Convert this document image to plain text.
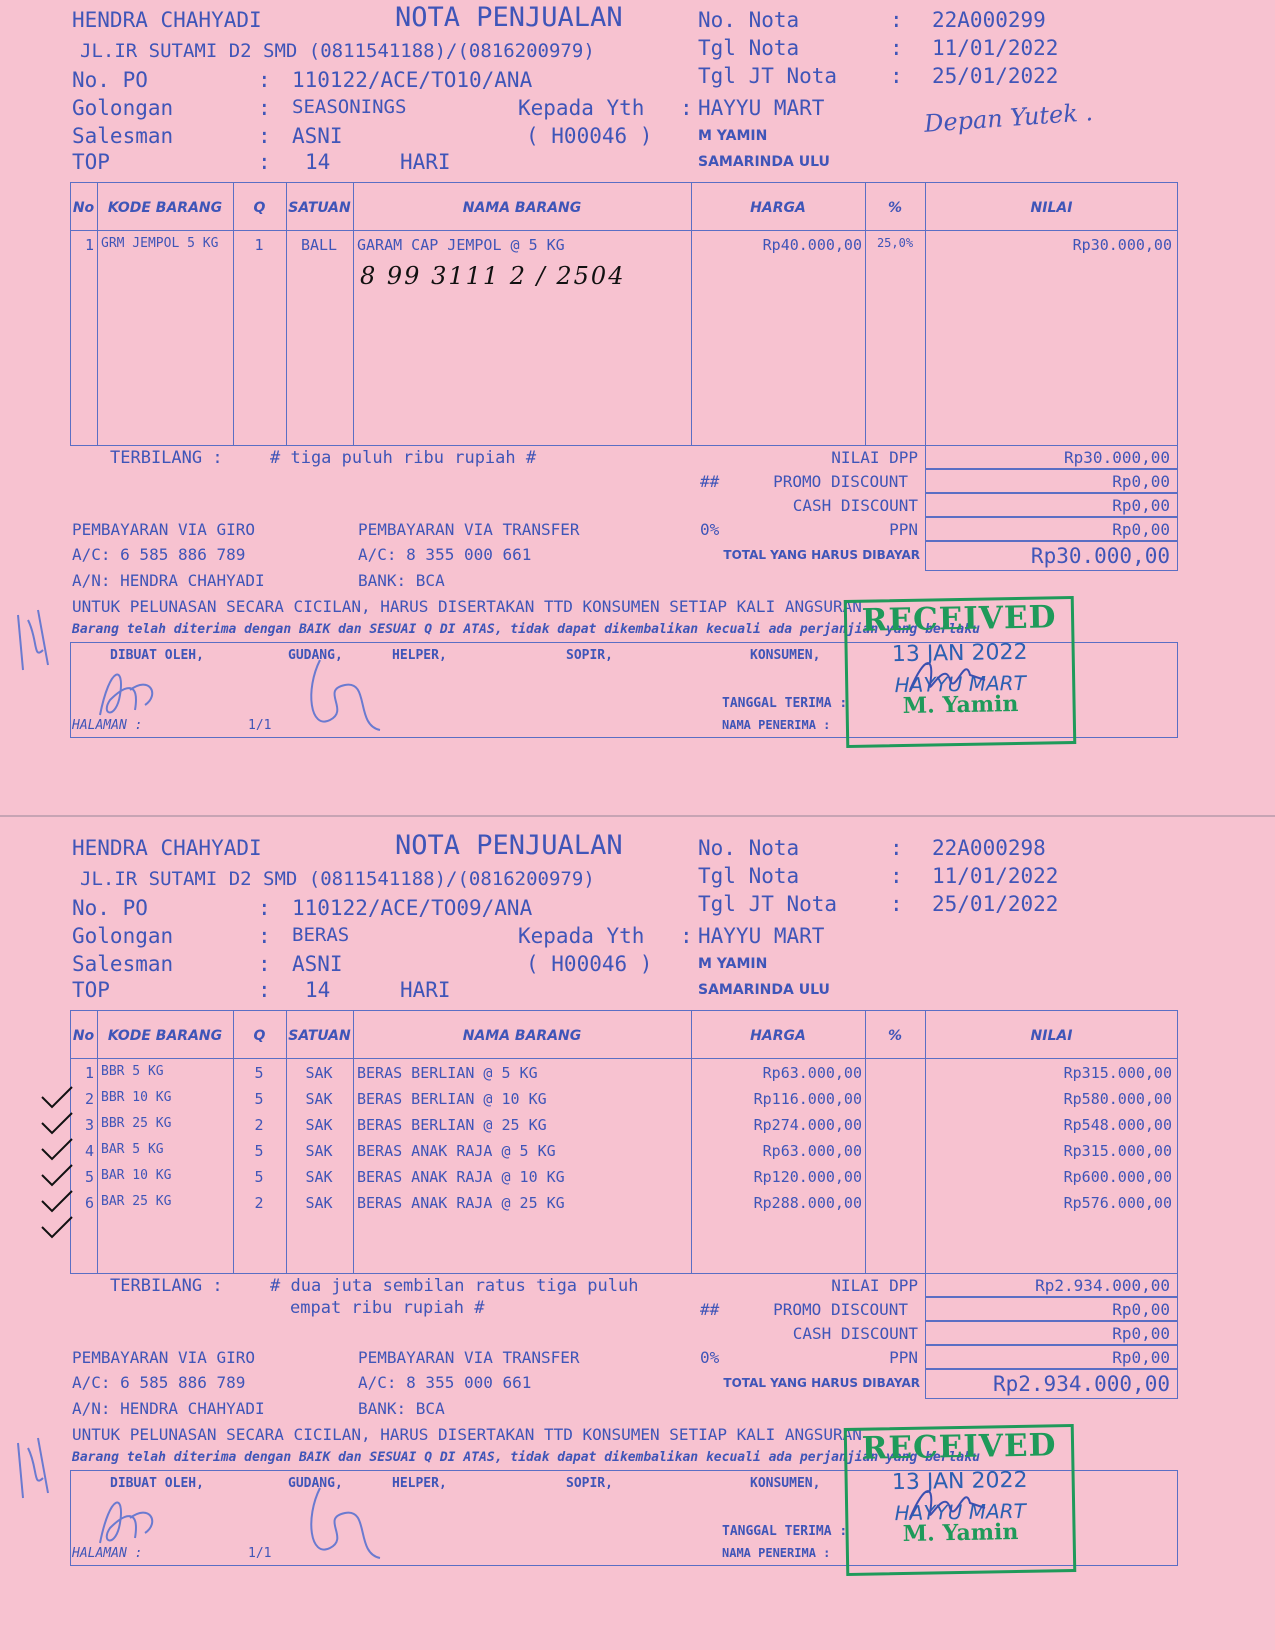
HENDRA CHAHYADI	NOTA PENJUALAN
JL.IR SUTAMI D2 SMD (0811541188)/(0816200979)
No. Nota	: 22A000299
Tgl Nota	: 11/01/2022
Tgl JT Nota	: 25/01/2022
No. PO	: 110122/ACE/TO10/ANA
Golongan	: SEASONINGS	Kepada Yth : HAYYU MART	Depan Yutek .
Salesman	: ASNI	( H00046 )	M YAMIN
TOP	: 14	HARI	SAMARINDA ULU
No KODE BARANG	Q	SATUAN	NAMA BARANG	HARGA	%	NILAI
1 GRM JEMPOL 5 KG	1	BALL	GARAM CAP JEMPOL @ 5 KG	Rp40.000,00	25,0%	Rp30.000,00
8 99 3111 2 / 2504
TERBILANG :	# tiga puluh ribu rupiah #	NILAI DPP	Rp30.000,00
##	PROMO DISCOUNT	Rp0,00
CASH DISCOUNT	Rp0,00
0%	PPN	Rp0,00
TOTAL YANG HARUS DIBAYAR	Rp30.000,00
PEMBAYARAN VIA GIRO
A/C: 6 585 886 789
A/N: HENDRA CHAHYADI
PEMBAYARAN VIA TRANSFER
A/C: 8 355 000 661
BANK: BCA
UNTUK PELUNASAN SECARA CICILAN, HARUS DISERTAKAN TTD KONSUMEN SETIAP KALI ANGSURAN
Barang telah diterima dengan BAIK dan SESUAI Q DI ATAS, tidak dapat dikembalikan kecuali ada perjanjian yang berlaku
DIBUAT OLEH,	GUDANG,	HELPER,	SOPIR,	KONSUMEN,
TANGGAL TERIMA :
NAMA PENERIMA :
HALAMAN :	1/1
RECEIVED
13 JAN 2022
HAYYU MART
M. Yamin
HENDRA CHAHYADI	NOTA PENJUALAN
JL.IR SUTAMI D2 SMD (0811541188)/(0816200979)
No. Nota	: 22A000298
Tgl Nota	: 11/01/2022
Tgl JT Nota	: 25/01/2022
No. PO	: 110122/ACE/TO09/ANA
Golongan	: BERAS	Kepada Yth : HAYYU MART
Salesman	: ASNI	( H00046 )	M YAMIN
TOP	: 14	HARI	SAMARINDA ULU
No KODE BARANG	Q	SATUAN	NAMA BARANG	HARGA	%	NILAI
1 BBR 5 KG	5	SAK	BERAS BERLIAN @ 5 KG	Rp63.000,00	Rp315.000,00
2 BBR 10 KG	5	SAK	BERAS BERLIAN @ 10 KG	Rp116.000,00	Rp580.000,00
3 BBR 25 KG	2	SAK	BERAS BERLIAN @ 25 KG	Rp274.000,00	Rp548.000,00
4 BAR 5 KG	5	SAK	BERAS ANAK RAJA @ 5 KG	Rp63.000,00	Rp315.000,00
5 BAR 10 KG	5	SAK	BERAS ANAK RAJA @ 10 KG	Rp120.000,00	Rp600.000,00
6 BAR 25 KG	2	SAK	BERAS ANAK RAJA @ 25 KG	Rp288.000,00	Rp576.000,00
TERBILANG :	# dua juta sembilan ratus tiga puluh
empat ribu rupiah #
NILAI DPP	Rp2.934.000,00
##	PROMO DISCOUNT	Rp0,00
CASH DISCOUNT	Rp0,00
0%	PPN	Rp0,00
TOTAL YANG HARUS DIBAYAR	Rp2.934.000,00
PEMBAYARAN VIA GIRO
A/C: 6 585 886 789
A/N: HENDRA CHAHYADI
PEMBAYARAN VIA TRANSFER
A/C: 8 355 000 661
BANK: BCA
UNTUK PELUNASAN SECARA CICILAN, HARUS DISERTAKAN TTD KONSUMEN SETIAP KALI ANGSURAN
Barang telah diterima dengan BAIK dan SESUAI Q DI ATAS, tidak dapat dikembalikan kecuali ada perjanjian yang berlaku
DIBUAT OLEH,	GUDANG,	HELPER,	SOPIR,	KONSUMEN,
TANGGAL TERIMA :
NAMA PENERIMA :
HALAMAN :	1/1
RECEIVED
13 JAN 2022
HAYYU MART
M. Yamin
